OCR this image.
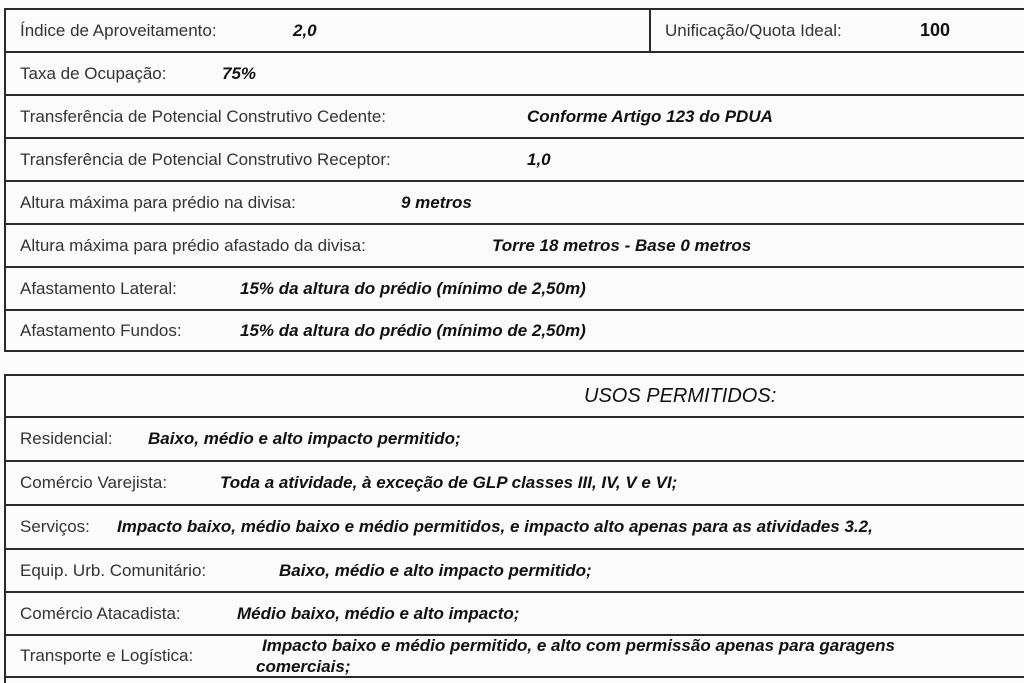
Índice de Aproveitamento:	2,0	Unificação/Quota Ideal:	100
Taxa de Ocupação:	75%
Transferência de Potencial Construtivo Cedente:	Conforme Artigo 123 do PDUA
Transferência de Potencial Construtivo Receptor:	1,0
Altura máxima para prédio na divisa:	9 metros
Altura máxima para prédio afastado da divisa:	Torre 18 metros - Base 0 metros
Afastamento Lateral:	15% da altura do prédio (mínimo de 2,50m)
Afastamento Fundos:	15% da altura do prédio (mínimo de 2,50m)
USOS PERMITIDOS:
Residencial: Baixo, médio e alto impacto permitido;
Comércio Varejista:	Toda a atividade, à exceção de GLP classes III, IV, V e VI;
Serviços: Impacto baixo, médio baixo e médio permitidos, e impacto alto apenas para as atividades 3.2,
Equip. Urb. Comunitário:	Baixo, médio e alto impacto permitido;
Comércio Atacadista:	Médio baixo, médio e alto impacto;
Transporte e Logística:
Impacto baixo e médio permitido, e alto com permissão apenas para garagens
comerciais;
